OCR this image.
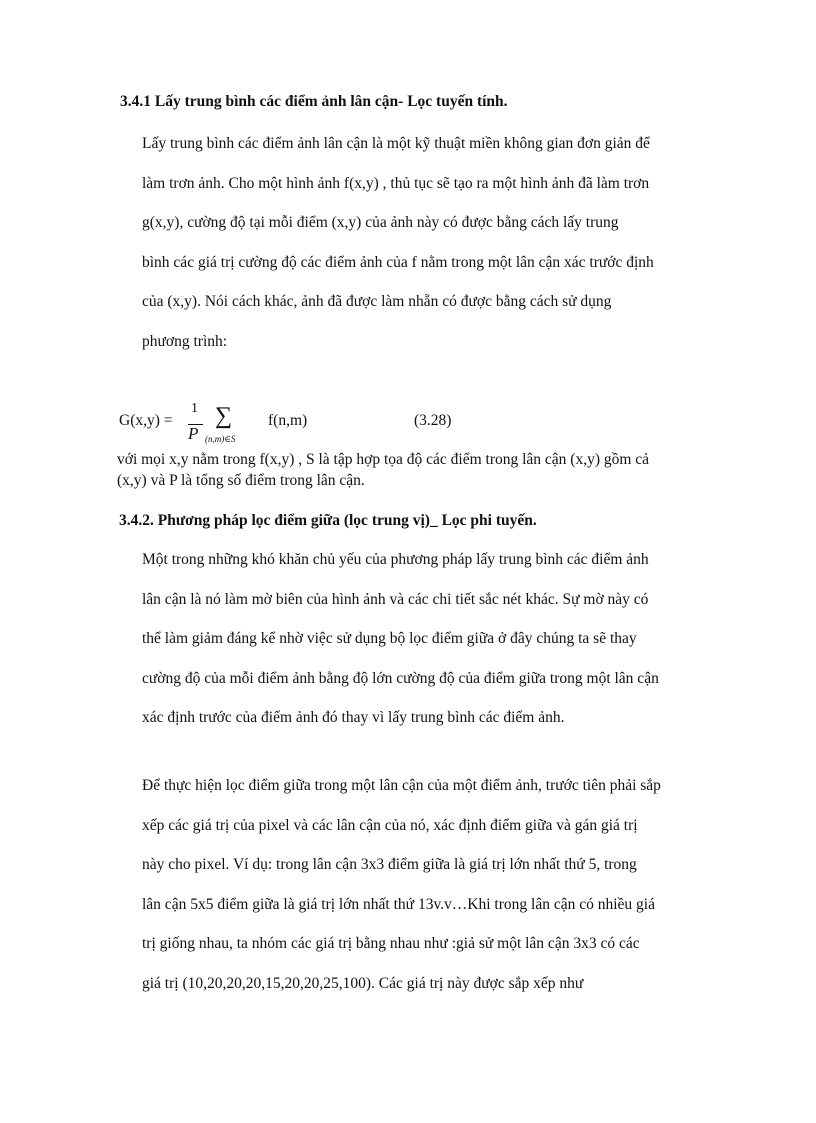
3.4.1 Lấy trung bình các điểm ảnh lân cận- Lọc tuyến tính.
Lấy trung bình các điểm ảnh lân cận là một kỹ thuật miền không gian đơn giản để
làm trơn ảnh. Cho một hình ảnh f(x,y) , thủ tục sẽ tạo ra một hình ảnh đã làm trơn
g(x,y), cường độ tại mỗi điểm (x,y) của ảnh này có được bằng cách lấy trung
bình các giá trị cường độ các điểm ảnh của f nằm trong một lân cận xác trước định
của (x,y). Nói cách khác, ảnh đã được làm nhẵn có được bằng cách sử dụng
phương trình:
G(x,y) =
1
P
∑
(n,m)∈S
f(n,m)	(3.28)
với mọi x,y nằm trong f(x,y) , S là tập hợp tọa độ các điểm trong lân cận (x,y) gồm cả
(x,y) và P là tổng số điểm trong lân cận.
3.4.2. Phương pháp lọc điểm giữa (lọc trung vị)_ Lọc phi tuyến.
Một trong những khó khăn chủ yếu của phương pháp lấy trung bình các điểm ảnh
lân cận là nó làm mờ biên của hình ảnh và các chi tiết sắc nét khác. Sự mờ này có
thể làm giảm đáng kể nhờ việc sử dụng bộ lọc điểm giữa ở đây chúng ta sẽ thay
cường độ của mỗi điểm ảnh bằng độ lớn cường độ của điểm giữa trong một lân cận
xác định trước của điểm ảnh đó thay vì lấy trung bình các điểm ảnh.
Để thực hiện lọc điểm giữa trong một lân cận của một điểm ảnh, trước tiên phải sắp
xếp các giá trị của pixel và các lân cận của nó, xác định điểm giữa và gán giá trị
này cho pixel. Ví dụ: trong lân cận 3x3 điểm giữa là giá trị lớn nhất thứ 5, trong
lân cận 5x5 điểm giữa là giá trị lớn nhất thứ 13v.v…Khi trong lân cận có nhiều giá
trị giống nhau, ta nhóm các giá trị bằng nhau như :giả sử một lân cận 3x3 có các
giá trị (10,20,20,20,15,20,20,25,100). Các giá trị này được sắp xếp như
